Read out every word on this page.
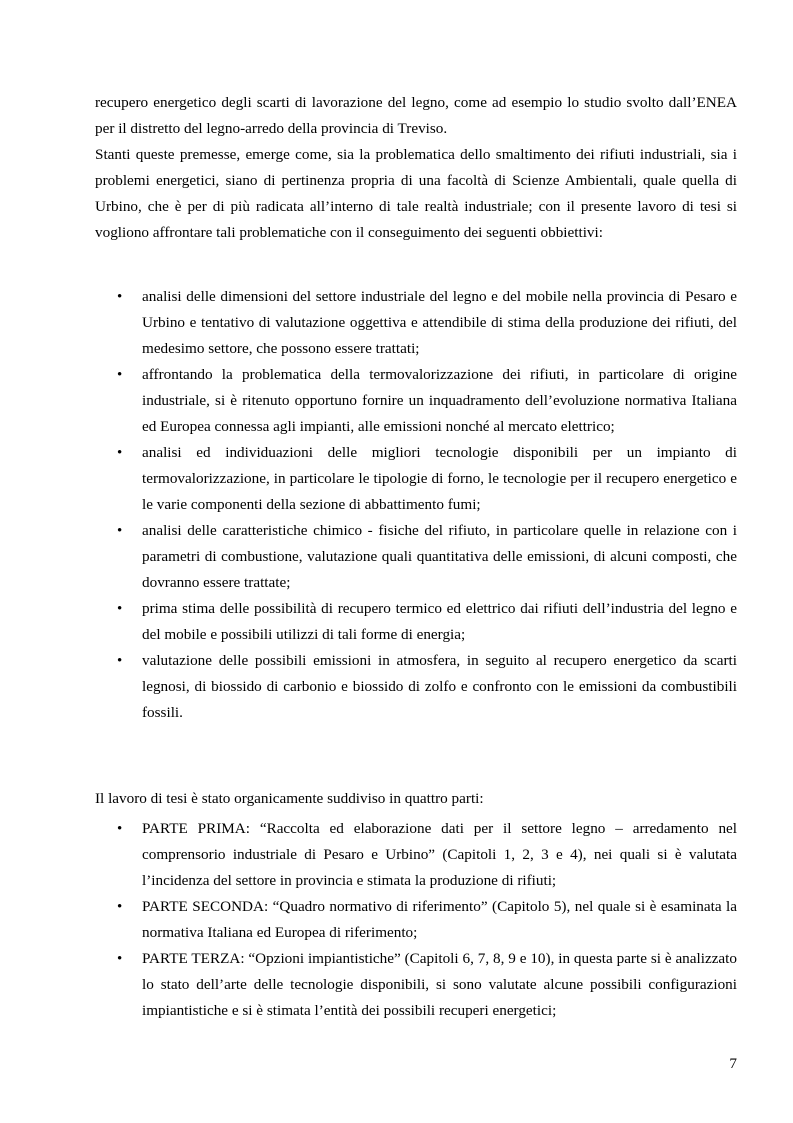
recupero energetico degli scarti di lavorazione del legno, come ad esempio lo studio svolto dall’ENEA per il distretto del legno-arredo della provincia di Treviso.

Stanti queste premesse, emerge come, sia la problematica dello smaltimento dei rifiuti industriali, sia i problemi energetici, siano di pertinenza propria di una facoltà di Scienze Ambientali, quale quella di Urbino, che è per di più radicata all’interno di tale realtà industriale; con il presente lavoro di tesi si vogliono affrontare tali problematiche con il conseguimento dei seguenti obbiettivi:

• analisi delle dimensioni del settore industriale del legno e del mobile nella provincia di Pesaro e Urbino e tentativo di valutazione oggettiva e attendibile di stima della produzione dei rifiuti, del medesimo settore, che possono essere trattati;
• affrontando la problematica della termovalorizzazione dei rifiuti, in particolare di origine industriale, si è ritenuto opportuno fornire un inquadramento dell’evoluzione normativa Italiana ed Europea connessa agli impianti, alle emissioni nonché al mercato elettrico;
• analisi ed individuazioni delle migliori tecnologie disponibili per un impianto di termovalorizzazione, in particolare le tipologie di forno, le tecnologie per il recupero energetico e le varie componenti della sezione di abbattimento fumi;
• analisi delle caratteristiche chimico - fisiche del rifiuto, in particolare quelle in relazione con i parametri di combustione, valutazione quali quantitativa delle emissioni, di alcuni composti, che dovranno essere trattate;
• prima stima delle possibilità di recupero termico ed elettrico dai rifiuti dell’industria del legno e del mobile e possibili utilizzi di tali forme di energia;
• valutazione delle possibili emissioni in atmosfera, in seguito al recupero energetico da scarti legnosi, di biossido di carbonio e biossido di zolfo e confronto con le emissioni da combustibili fossili.

Il lavoro di tesi è stato organicamente suddiviso in quattro parti:

• PARTE PRIMA: “Raccolta ed elaborazione dati per il settore legno – arredamento nel comprensorio industriale di Pesaro e Urbino” (Capitoli 1, 2, 3 e 4), nei quali si è valutata l’incidenza del settore in provincia e stimata la produzione di rifiuti;
• PARTE SECONDA: “Quadro normativo di riferimento” (Capitolo 5), nel quale si è esaminata la normativa Italiana ed Europea di riferimento;
• PARTE TERZA: “Opzioni impiantistiche” (Capitoli 6, 7, 8, 9 e 10), in questa parte si è analizzato lo stato dell’arte delle tecnologie disponibili, si sono valutate alcune possibili configurazioni impiantistiche e si è stimata l’entità dei possibili recuperi energetici;
7
